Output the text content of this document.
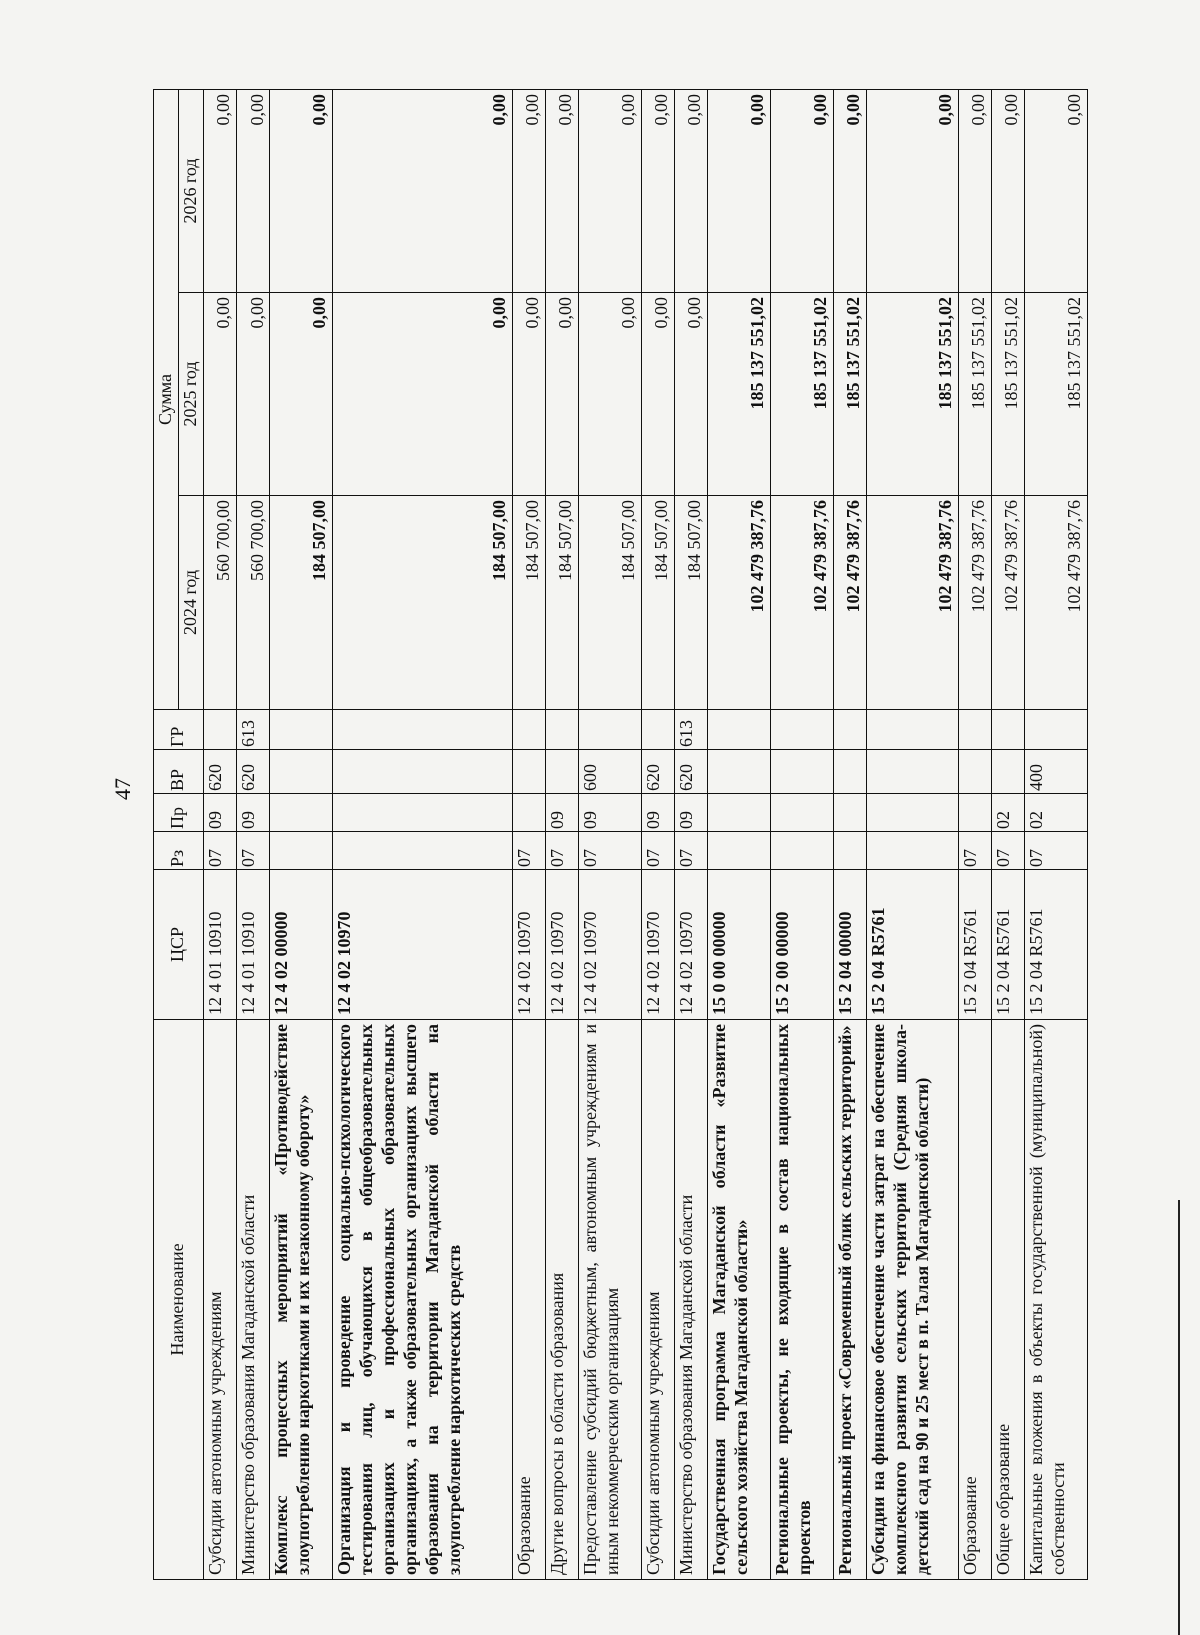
47
Наименование	ЦСР	Рз	Пр	ВР	ГР	Сумма		
						2024 год	2025 год	2026 год
Субсидии автономным учреждениям	12 4 01 10910	07	09	620		560 700,00	0,00	0,00
Министерство образования Магаданской области	12 4 01 10910	07	09	620	613	560 700,00	0,00	0,00
Комплекс процессных мероприятий «Противодействие злоупотреблению наркотиками и их незаконному обороту»	12 4 02 00000					184 507,00	0,00	0,00
Организация и проведение социально-психологического тестирования лиц, обучающихся в общеобразовательных организациях и профессиональных образовательных организациях, а также образовательных организациях высшего образования на территории Магаданской области на злоупотребление наркотических средств	12 4 02 10970					184 507,00	0,00	0,00
Образование	12 4 02 10970	07				184 507,00	0,00	0,00
Другие вопросы в области образования	12 4 02 10970	07	09			184 507,00	0,00	0,00
Предоставление субсидий бюджетным, автономным учреждениям и иным некоммерческим организациям	12 4 02 10970	07	09	600		184 507,00	0,00	0,00
Субсидии автономным учреждениям	12 4 02 10970	07	09	620		184 507,00	0,00	0,00
Министерство образования Магаданской области	12 4 02 10970	07	09	620	613	184 507,00	0,00	0,00
Государственная программа Магаданской области «Развитие сельского хозяйства Магаданской области»	15 0 00 00000					102 479 387,76	185 137 551,02	0,00
Региональные проекты, не входящие в состав национальных проектов	15 2 00 00000					102 479 387,76	185 137 551,02	0,00
Региональный проект «Современный облик сельских территорий»	15 2 04 00000					102 479 387,76	185 137 551,02	0,00
Субсидии на финансовое обеспечение части затрат на обеспечение комплексного развития сельских территорий (Средняя школа-детский сад на 90 и 25 мест в п. Талая Магаданской области)	15 2 04 R5761					102 479 387,76	185 137 551,02	0,00
Образование	15 2 04 R5761	07				102 479 387,76	185 137 551,02	0,00
Общее образование	15 2 04 R5761	07	02			102 479 387,76	185 137 551,02	0,00
Капитальные вложения в объекты государственной (муниципальной) собственности	15 2 04 R5761	07	02	400		102 479 387,76	185 137 551,02	0,00
